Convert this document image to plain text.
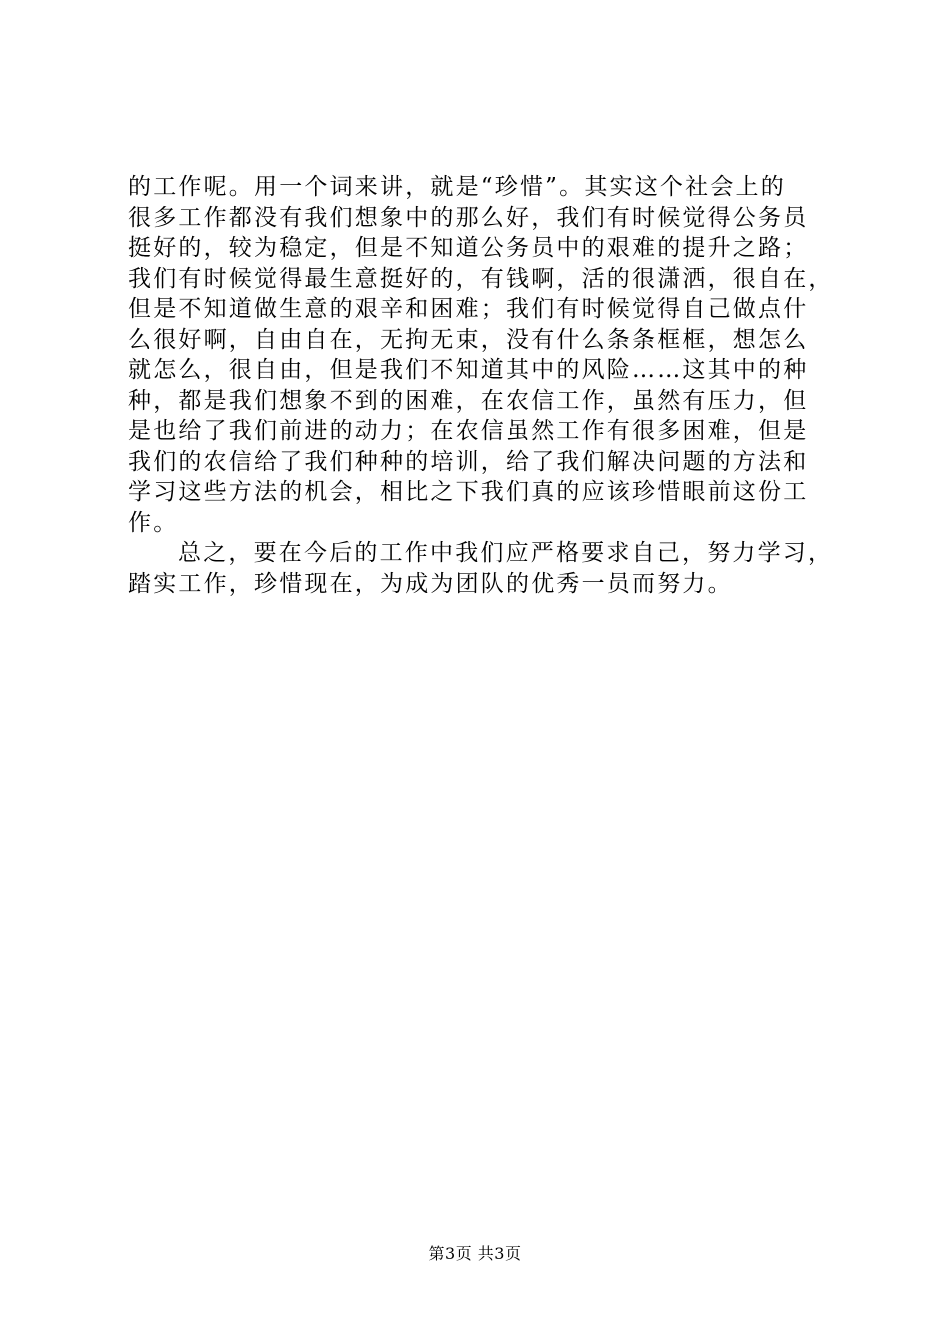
的工作呢。用一个词来讲，就是“珍惜”。其实这个社会上的
很多工作都没有我们想象中的那么好，我们有时候觉得公务员
挺好的，较为稳定，但是不知道公务员中的艰难的提升之路；
我们有时候觉得最生意挺好的，有钱啊，活的很潇洒，很自在，
但是不知道做生意的艰辛和困难；我们有时候觉得自己做点什
么很好啊，自由自在，无拘无束，没有什么条条框框，想怎么
就怎么，很自由，但是我们不知道其中的风险……这其中的种
种，都是我们想象不到的困难，在农信工作，虽然有压力，但
是也给了我们前进的动力；在农信虽然工作有很多困难，但是
我们的农信给了我们种种的培训，给了我们解决问题的方法和
学习这些方法的机会，相比之下我们真的应该珍惜眼前这份工
作。
总之，要在今后的工作中我们应严格要求自己，努力学习，
踏实工作，珍惜现在，为成为团队的优秀一员而努力。
第3页 共3页
